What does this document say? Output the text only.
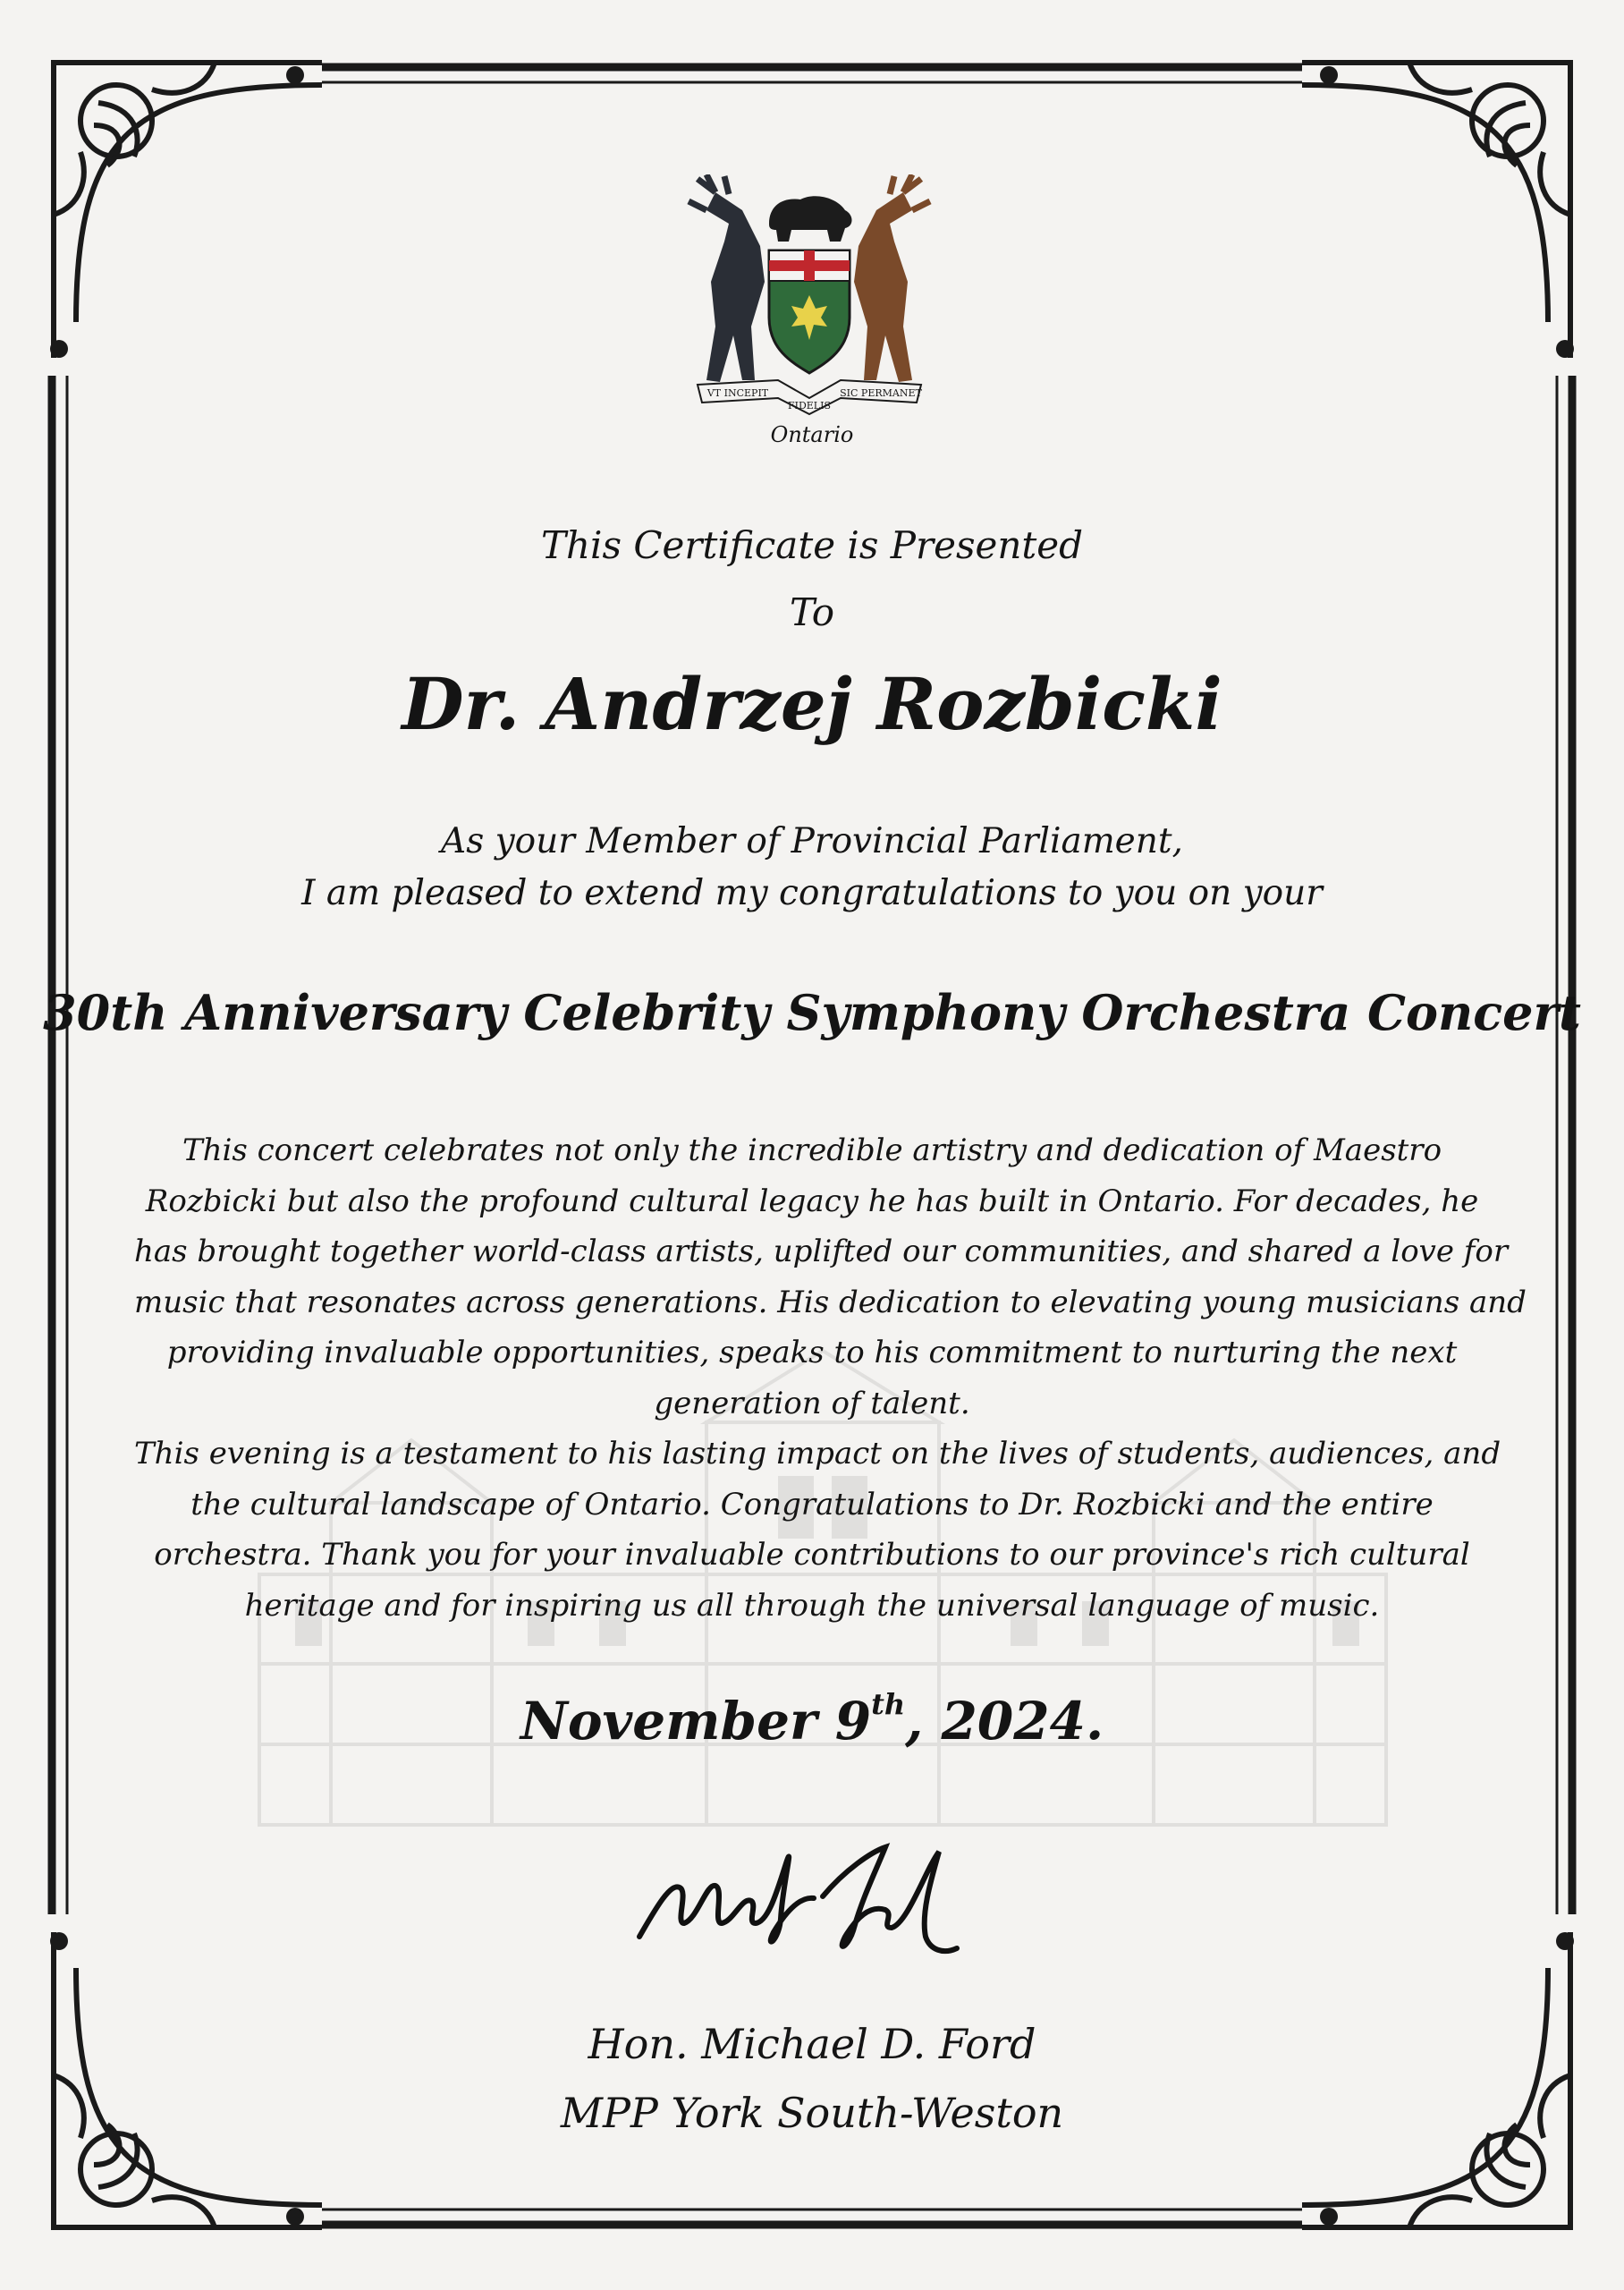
VT INCEPIT
FIDELIS
SIC PERMANET
Ontario
This Certificate is Presented
To
Dr. Andrzej Rozbicki
As your Member of Provincial Parliament,
I am pleased to extend my congratulations to you on your
30th Anniversary Celebrity Symphony Orchestra Concert

This concert celebrates not only the incredible artistry and dedication of Maestro

Rozbicki but also the profound cultural legacy he has built in Ontario. For decades, he

has brought together world-class artists, uplifted our communities, and shared a love for

music that resonates across generations. His dedication to elevating young musicians and

providing invaluable opportunities, speaks to his commitment to nurturing the next

generation of talent.

This evening is a testament to his lasting impact on the lives of students, audiences, and

the cultural landscape of Ontario. Congratulations to Dr. Rozbicki and the entire

orchestra. Thank you for your invaluable contributions to our province's rich cultural

heritage and for inspiring us all through the universal language of music.

November 9th, 2024.
Hon. Michael D. Ford
MPP York South-Weston
